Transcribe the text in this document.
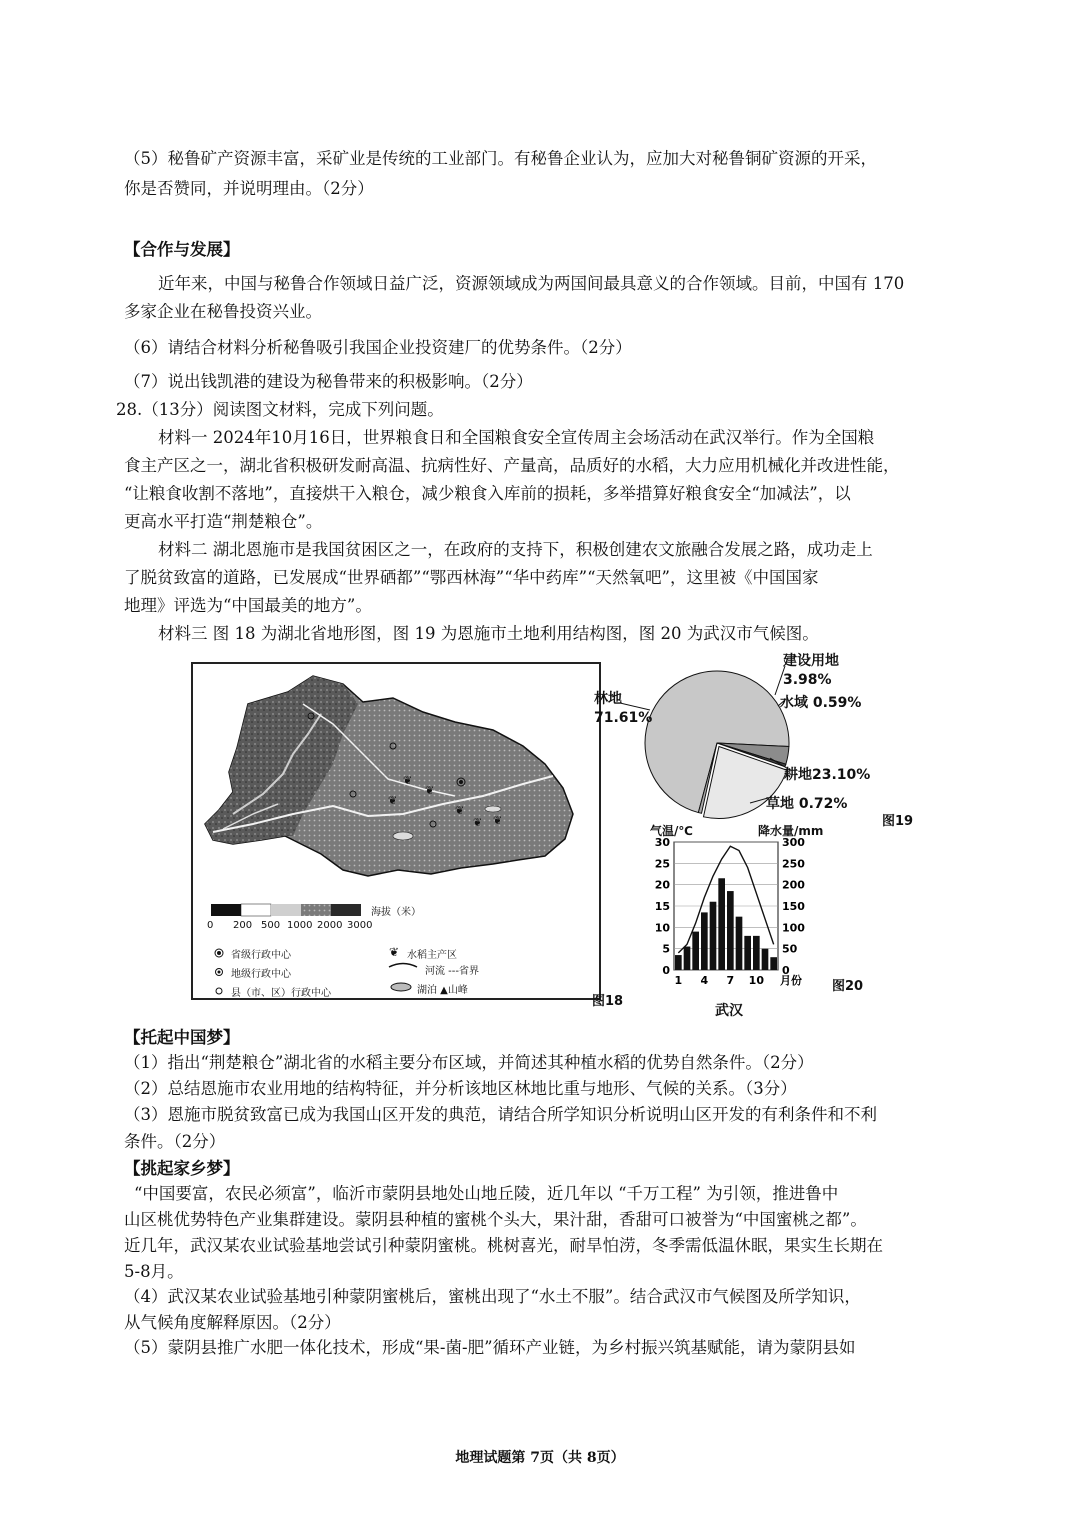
（5）秘鲁矿产资源丰富，采矿业是传统的工业部门。有秘鲁企业认为，应加大对秘鲁铜矿资源的开采，
你是否赞同，并说明理由。（2分）
【合作与发展】
近年来，中国与秘鲁合作领域日益广泛，资源领域成为两国间最具意义的合作领域。目前，中国有 170
多家企业在秘鲁投资兴业。
（6）请结合材料分析秘鲁吸引我国企业投资建厂的优势条件。（2分）
（7）说出钱凯港的建设为秘鲁带来的积极影响。（2分）
28.（13分）阅读图文材料，完成下列问题。
材料一 2024年10月16日，世界粮食日和全国粮食安全宣传周主会场活动在武汉举行。作为全国粮
食主产区之一，湖北省积极研发耐高温、抗病性好、产量高，品质好的水稻，大力应用机械化并改进性能，
“让粮食收割不落地”，直接烘干入粮仓，减少粮食入库前的损耗，多举措算好粮食安全“加减法”，以
更高水平打造“荆楚粮仓”。
材料二 湖北恩施市是我国贫困区之一，在政府的支持下，积极创建农文旅融合发展之路，成功走上
了脱贫致富的道路，已发展成“世界硒都”“鄂西林海”“华中药库”“天然氧吧”，这里被《中国国家
地理》评选为“中国最美的地方”。
材料三 图 18 为湖北省地形图，图 19 为恩施市土地利用结构图，图 20 为武汉市气候图。
❦
❦
❦
❦ ❦
❦
❦
海拔（米）
0 200 500 1000 2000 3000
省级行政中心
地级行政中心
县（市、区）行政中心
水稻主产区
河流 ---省界
湖泊 ▲山峰
图18
林地
71.61%
建设用地
3.98%
水域 0.59%
耕地23.10%
草地 0.72%
图19
0	0
5	50
10	100
15	150
20	200
25	250
30	300
1 4 7 10 月份
气温/℃	降水量/mm
武汉
图20
【托起中国梦】
（1）指出“荆楚粮仓”湖北省的水稻主要分布区域，并简述其种植水稻的优势自然条件。（2分）
（2）总结恩施市农业用地的结构特征，并分析该地区林地比重与地形、气候的关系。（3分）
（3）恩施市脱贫致富已成为我国山区开发的典范，请结合所学知识分析说明山区开发的有利条件和不利
条件。（2分）
【挑起家乡梦】
“中国要富，农民必须富”，临沂市蒙阴县地处山地丘陵，近几年以 “千万工程” 为引领，推进鲁中
山区桃优势特色产业集群建设。蒙阴县种植的蜜桃个头大，果汁甜，香甜可口被誉为“中国蜜桃之都”。
近几年，武汉某农业试验基地尝试引种蒙阴蜜桃。桃树喜光，耐旱怕涝，冬季需低温休眠，果实生长期在
5-8月。
（4）武汉某农业试验基地引种蒙阴蜜桃后，蜜桃出现了“水土不服”。结合武汉市气候图及所学知识，
从气候角度解释原因。（2分）
（5）蒙阴县推广水肥一体化技术，形成“果-菌-肥”循环产业链，为乡村振兴筑基赋能，请为蒙阴县如
地理试题第 7页（共 8页）
